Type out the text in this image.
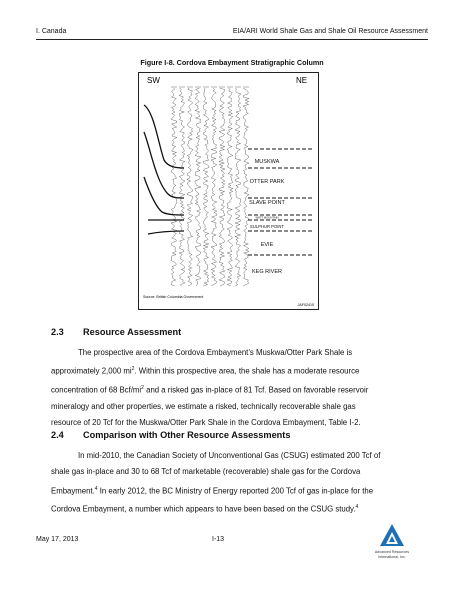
I. Canada	EIA/ARI World Shale Gas and Shale Oil Resource Assessment
Figure I-8. Cordova Embayment Stratigraphic Column
SW	NE
MUSKWA
OTTER PARK
SLAVE POINT
WATT MOUNTAIN
SULPHUR POINT
EVIE
KEG RIVER
Source: British Columbia Government
JAF02415
2.3 Resource Assessment
The prospective area of the Cordova Embayment’s Muskwa/Otter Park Shale is
approximately 2,000 $mi^2$. Within this prospective area, the shale has a moderate resource
concentration of 68 Bcf/$mi^2$ and a risked gas in-place of 81 Tcf. Based on favorable reservoir
mineralogy and other properties, we estimate a risked, technically recoverable shale gas
resource of 20 Tcf for the Muskwa/Otter Park Shale in the Cordova Embayment, Table I-2.
2.4 Comparison with Other Resource Assessments
In mid-2010, the Canadian Society of Unconventional Gas (CSUG) estimated 200 Tcf of
shale gas in-place and 30 to 68 Tcf of marketable (recoverable) shale gas for the Cordova
Embayment.$^4$ In early 2012, the BC Ministry of Energy reported 200 Tcf of gas in-place for the
Cordova Embayment, a number which appears to have been based on the CSUG study.$^4$
May 17, 2013	I-13
Advanced Resources
International, Inc.
